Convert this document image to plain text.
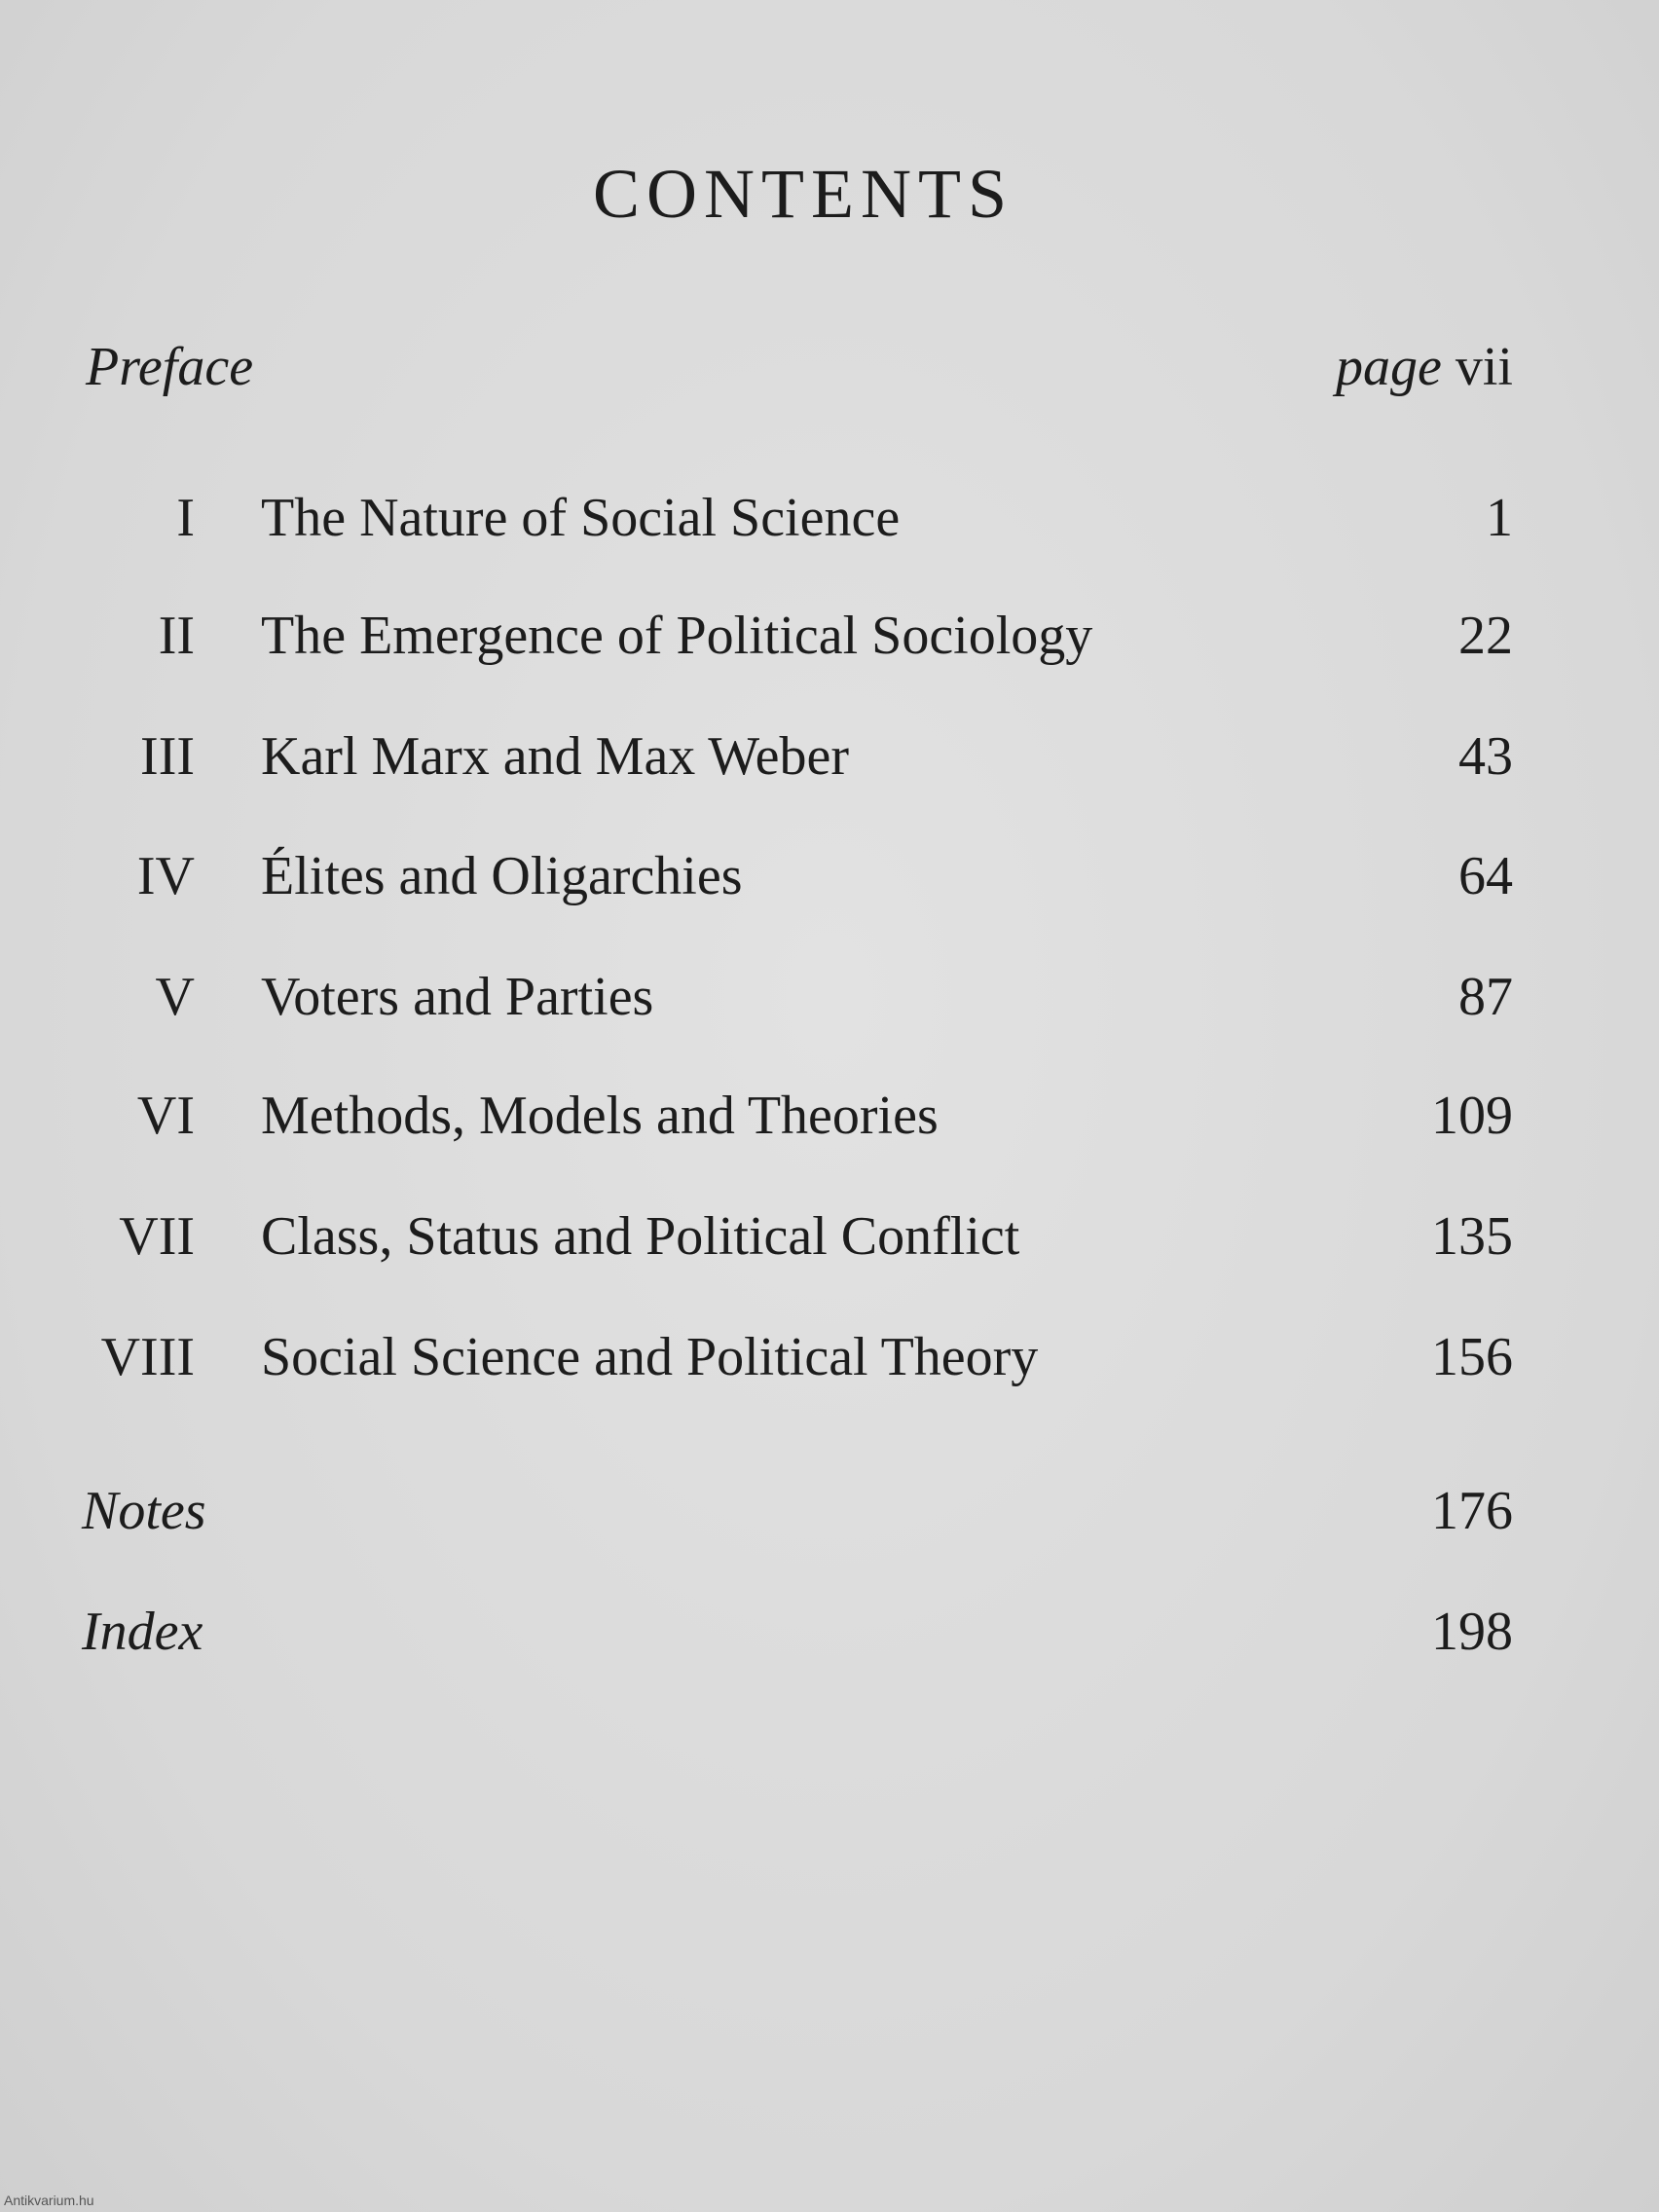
CONTENTS
Preface	page vii
I The Nature of Social Science	1
II The Emergence of Political Sociology	22
III Karl Marx and Max Weber	43
IV Élites and Oligarchies	64
V Voters and Parties	87
VI Methods, Models and Theories	109
VII Class, Status and Political Conflict	135
VIII Social Science and Political Theory	156
Notes	176
Index	198
Antikvarium.hu
